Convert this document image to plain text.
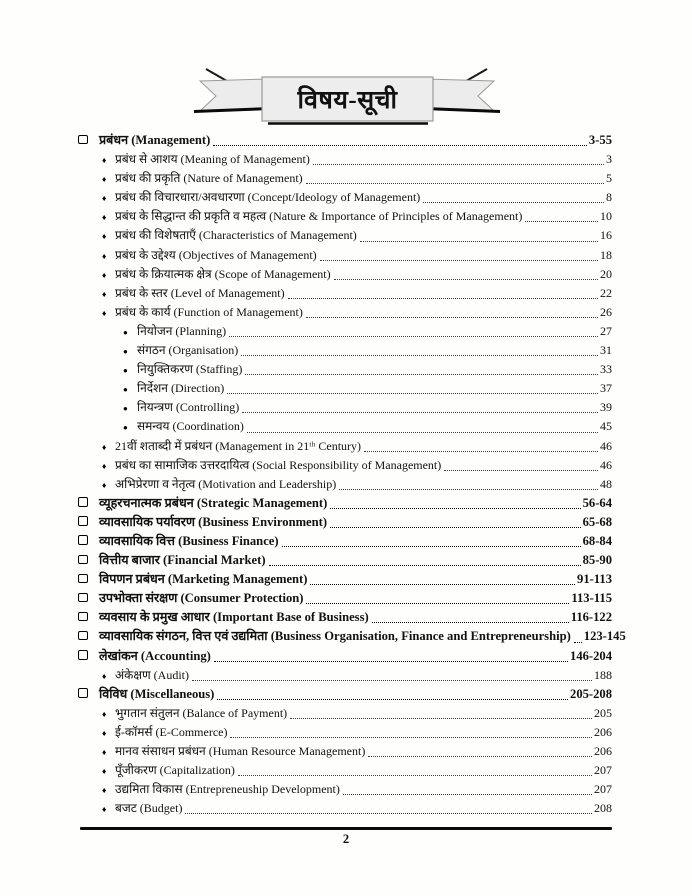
विषय-सूची
प्रबंधन (Management)	3-55
♦ प्रबंध से आशय (Meaning of Management)	3
♦ प्रबंध की प्रकृति (Nature of Management)	5
♦ प्रबंध की विचारधारा/अवधारणा (Concept/Ideology of Management)	8
♦ प्रबंध के सिद्धान्त की प्रकृति व महत्व (Nature & Importance of Principles of Management)	10
♦ प्रबंध की विशेषताएँ (Characteristics of Management)	16
♦ प्रबंध के उद्देश्य (Objectives of Management)	18
♦ प्रबंध के क्रियात्मक क्षेत्र (Scope of Management)	20
♦ प्रबंध के स्तर (Level of Management)	22
♦ प्रबंध के कार्य (Function of Management)	26
● नियोजन (Planning)	27
● संगठन (Organisation)	31
● नियुक्तिकरण (Staffing)	33
● निर्देशन (Direction)	37
● नियन्त्रण (Controlling)	39
● समन्वय (Coordination)	45
♦ 21वीं शताब्दी में प्रबंधन (Management in 21ᵗʰ Century)	46
♦ प्रबंध का सामाजिक उत्तरदायित्व (Social Responsibility of Management)	46
♦ अभिप्रेरणा व नेतृत्व (Motivation and Leadership)	48
व्यूहरचनात्मक प्रबंधन (Strategic Management)	56-64
व्यावसायिक पर्यावरण (Business Environment)	65-68
व्यावसायिक वित्त (Business Finance)	68-84
वित्तीय बाजार (Financial Market)	85-90
विपणन प्रबंधन (Marketing Management)	91-113
उपभोक्ता संरक्षण (Consumer Protection)	113-115
व्यवसाय के प्रमुख आधार (Important Base of Business)	116-122
व्यावसायिक संगठन, वित्त एवं उद्यमिता (Business Organisation, Finance and Entrepreneurship) 123-145
लेखांकन (Accounting)	146-204
♦ अंकेक्षण (Audit)	188
विविध (Miscellaneous)	205-208
♦ भुगतान संतुलन (Balance of Payment)	205
♦ ई-कॉमर्स (E-Commerce)	206
♦ मानव संसाधन प्रबंधन (Human Resource Management)	206
♦ पूँजीकरण (Capitalization)	207
♦ उद्यमिता विकास (Entrepreneuship Development)	207
♦ बजट (Budget)	208
2
